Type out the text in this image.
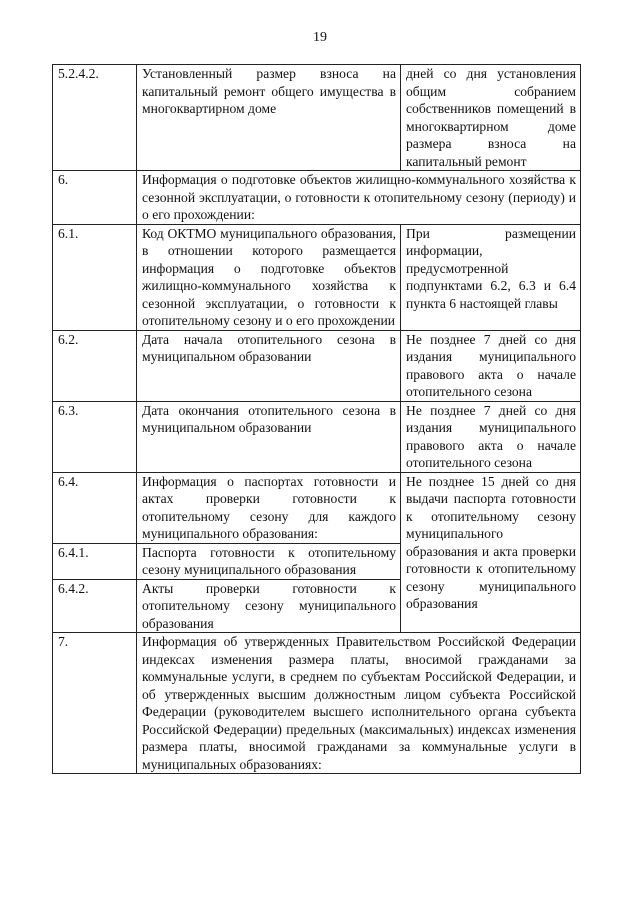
19
5.2.4.2.	Установленный размер взноса на капитальный ремонт общего имущества в многоквартирном доме	дней со дня установления общим собранием собственников помещений в многоквартирном доме размера взноса на капитальный ремонт
6.	Информация о подготовке объектов жилищно-коммунального хозяйства к сезонной эксплуатации, о готовности к отопительному сезону (периоду) и о его прохождении:	
6.1.	Код ОКТМО муниципального образования, в отношении которого размещается информация о подготовке объектов жилищно-коммунального хозяйства к сезонной эксплуатации, о готовности к отопительному сезону и о его прохождении	При размещении информации, предусмотренной подпунктами 6.2, 6.3 и 6.4 пункта 6 настоящей главы
6.2.	Дата начала отопительного сезона в муниципальном образовании	Не позднее 7 дней со дня издания муниципального правового акта о начале отопительного сезона
6.3.	Дата окончания отопительного сезона в муниципальном образовании	Не позднее 7 дней со дня издания муниципального правового акта о начале отопительного сезона
6.4.	Информация о паспортах готовности и актах проверки готовности к отопительному сезону для каждого муниципального образования:	Не позднее 15 дней со дня выдачи паспорта готовности к отопительному сезону муниципального образования и акта проверки готовности к отопительному сезону муниципального образования
6.4.1.	Паспорта готовности к отопительному сезону муниципального образования	
6.4.2.	Акты проверки готовности к отопительному сезону муниципального образования	
7.	Информация об утвержденных Правительством Российской Федерации индексах изменения размера платы, вносимой гражданами за коммунальные услуги, в среднем по субъектам Российской Федерации, и об утвержденных высшим должностным лицом субъекта Российской Федерации (руководителем высшего исполнительного органа субъекта Российской Федерации) предельных (максимальных) индексах изменения размера платы, вносимой гражданами за коммунальные услуги в муниципальных образованиях:	
